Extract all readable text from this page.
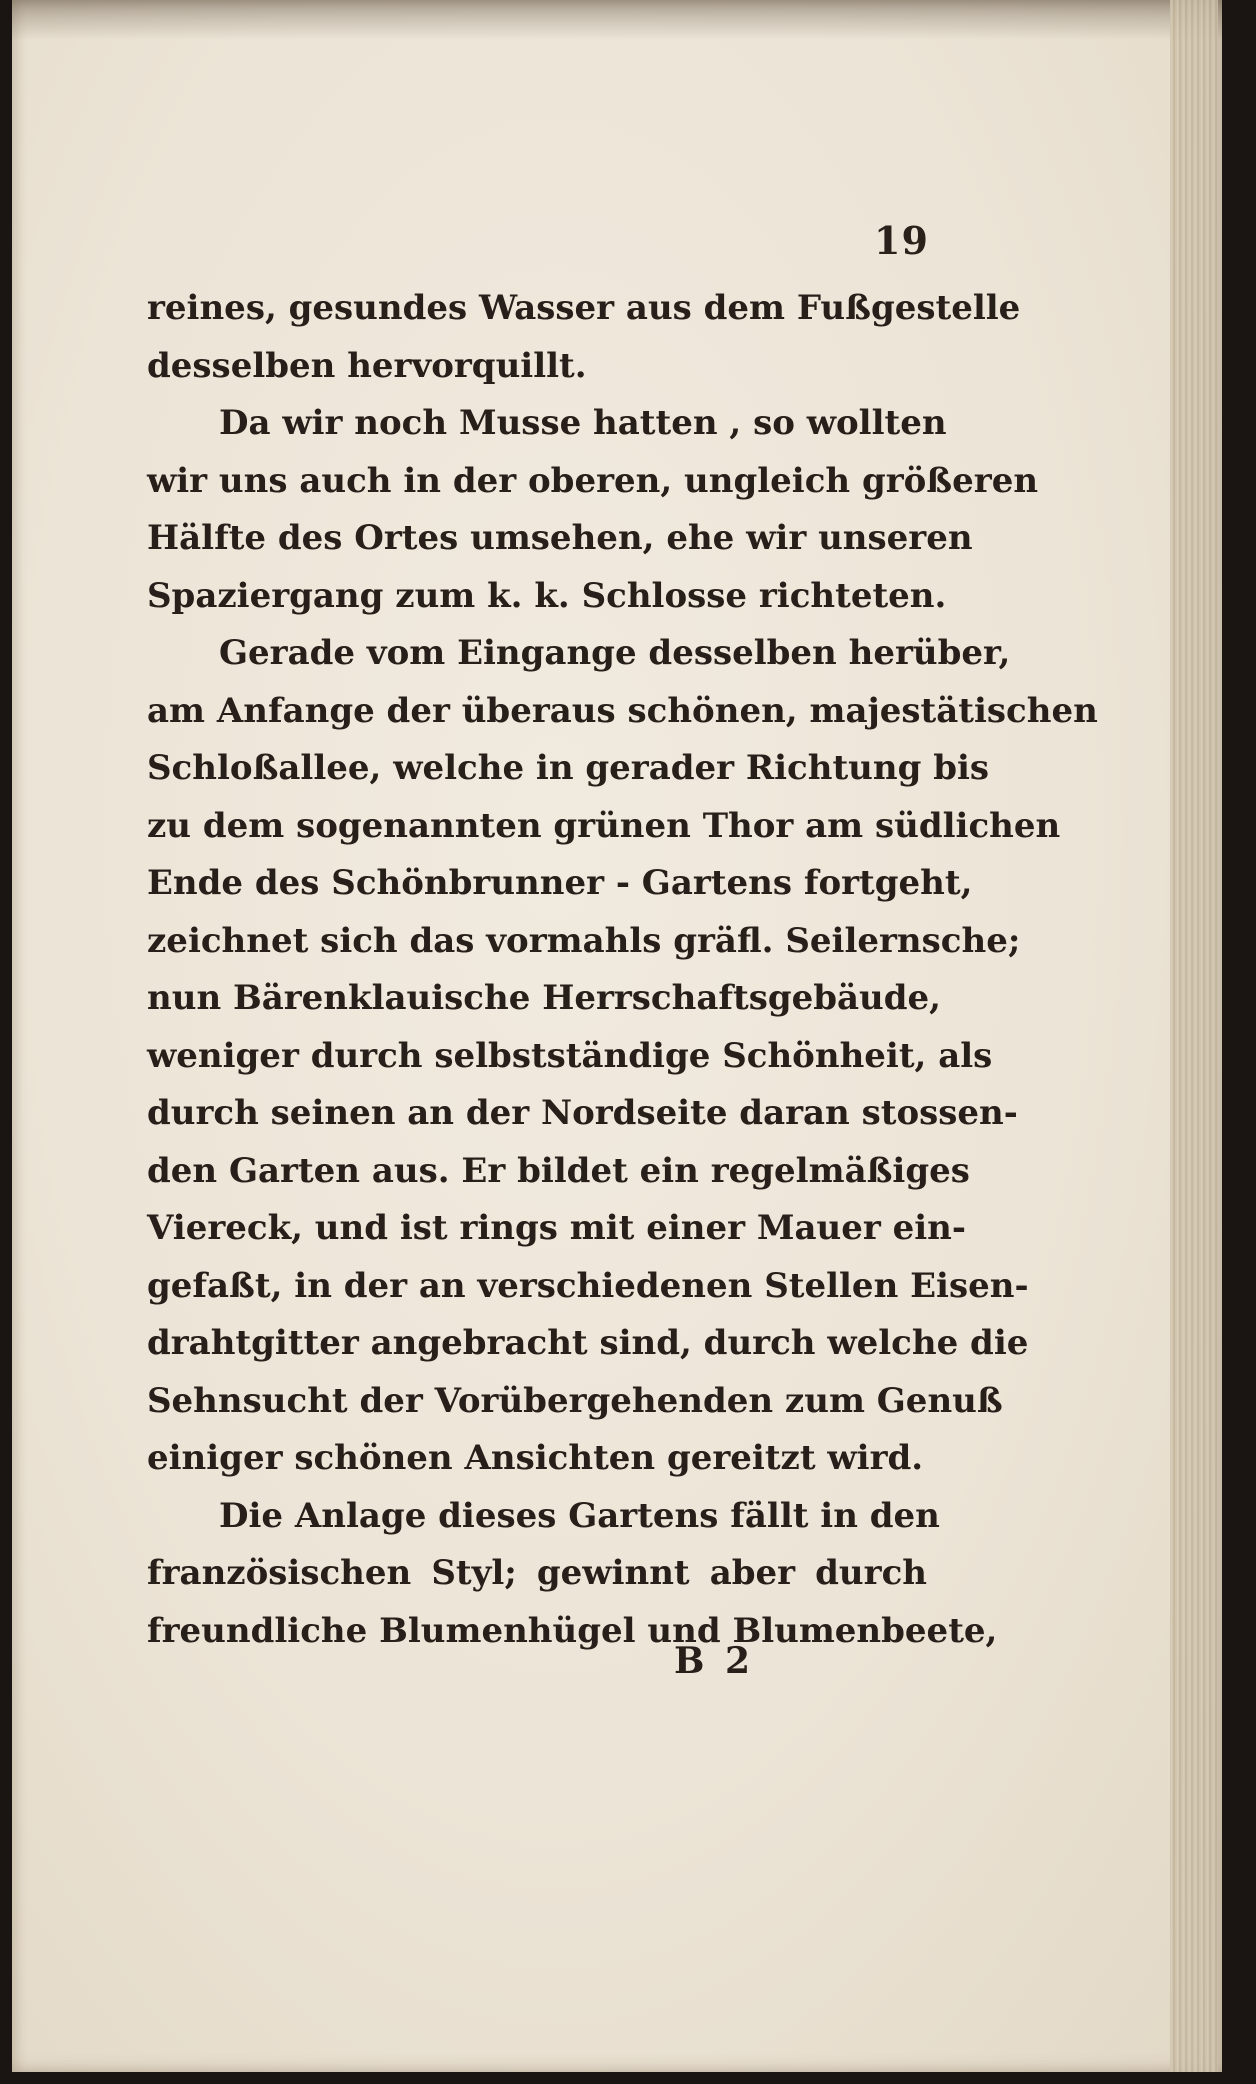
19
reines, gesundes Wasser aus dem Fußgestelle
desselben hervorquillt.
Da wir noch Musse hatten , so wollten
wir uns auch in der oberen, ungleich größeren
Hälfte des Ortes umsehen, ehe wir unseren
Spaziergang zum k. k. Schlosse richteten.
Gerade vom Eingange desselben herüber,
am Anfange der überaus schönen, majestätischen
Schloßallee, welche in gerader Richtung bis
zu dem sogenannten grünen Thor am südlichen
Ende des Schönbrunner - Gartens fortgeht,
zeichnet sich das vormahls gräfl. Seilernsche;
nun Bärenklauische Herrschaftsgebäude,
weniger durch selbstständige Schönheit, als
durch seinen an der Nordseite daran stossen-
den Garten aus. Er bildet ein regelmäßiges
Viereck, und ist rings mit einer Mauer ein-
gefaßt, in der an verschiedenen Stellen Eisen-
drahtgitter angebracht sind, durch welche die
Sehnsucht der Vorübergehenden zum Genuß
einiger schönen Ansichten gereitzt wird.
Die Anlage dieses Gartens fällt in den
französischen Styl; gewinnt aber durch
freundliche Blumenhügel und Blumenbeete,
B 2
